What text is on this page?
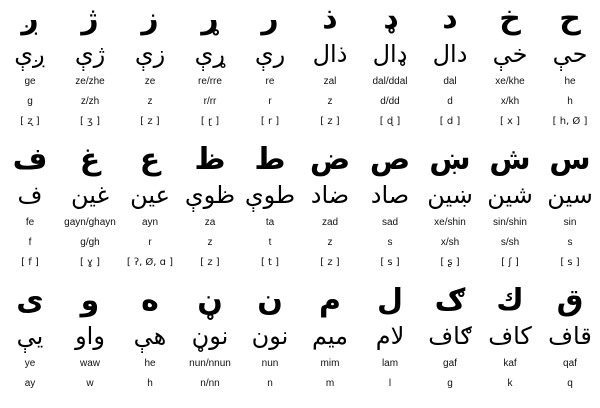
ح
خ
د
ډ
ذ
ر
ړ
ز
ژ
ږ
حې
خې
دال
ډال
ذال
رې
ړې
زې
ژې
ږې
he
xe/khe
dal
dal/ddal
zal
re
re/rre
ze
ze/zhe
ge
h
x/kh
d
d/dd
z
r
r/rr
z
z/zh
g
[ h, Ø ]
[ x ]
[ d ]
[ ɖ ]
[ z ]
[ r ]
[ ɽ ]
[ z ]
[ ʒ ]
[ ʐ ]
س
ش
ښ
ص
ض
ط
ظ
ع
غ
ف
سين
شين
ښين
صاد
ضاد
طوې
ظوې
عين
غين
ف
sin
sin/shin
xe/shin
sad
zad
ta
za
ayn
gayn/ghayn
fe
s
s/sh
x/sh
s
z
t
z
r
g/gh
f
[ s ]
[ ʃ ]
[ ʂ ]
[ s ]
[ z ]
[ t ]
[ z ]
[ ʔ, Ø, ɑ ]
[ ɣ ]
[ f ]
ق
ك
ګ
ل
م
ن
ڼ
ه
و
ى
قاف
كاف
ګاف
لام
ميم
نون
نوڼ
هې
واو
يې
qaf
kaf
gaf
lam
mim
nun
nun/nnun
he
waw
ye
q
k
g
l
m
n
n/nn
h
w
ay
